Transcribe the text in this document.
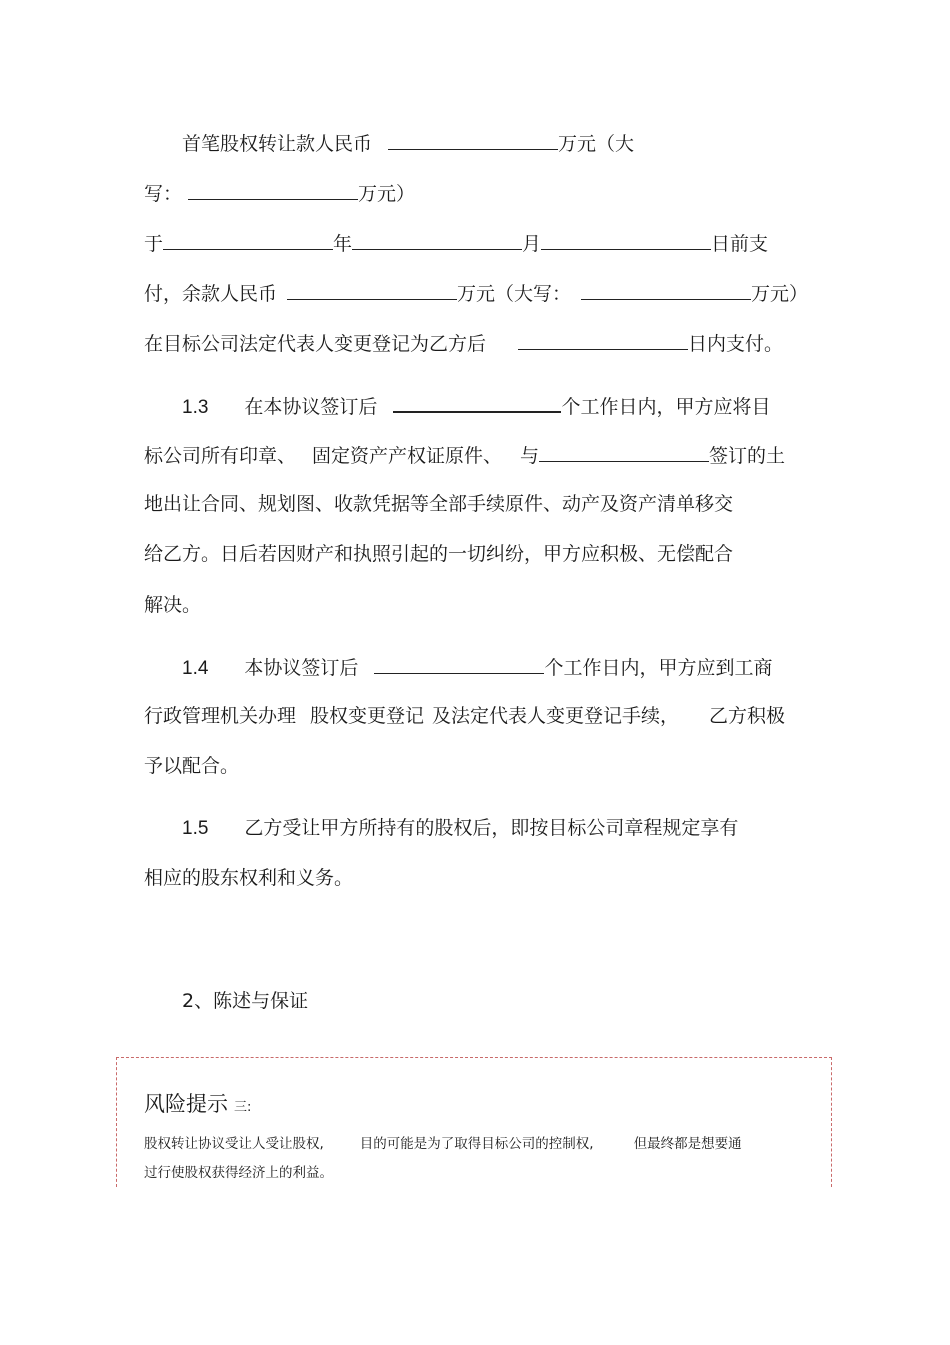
首笔股权转让款人民币	万元（大
写：	万元）
于	年	月	日前支
付，余款人民币	万元（大写：	万元）
在目标公司法定代表人变更登记为乙方后	日内支付。
1.3 在本协议签订后	个工作日内，甲方应将目
标公司所有印章、 固定资产产权证原件、 与	签订的土
地出让合同、规划图、收款凭据等全部手续原件、动产及资产清单移交
给乙方。日后若因财产和执照引起的一切纠纷，甲方应积极、无偿配合
解决。
1.4 本协议签订后	个工作日内，甲方应到工商
行政管理机关办理 股权变更登记 及法定代表人变更登记手续， 乙方积极
予以配合。
1.5 乙方受让甲方所持有的股权后，即按目标公司章程规定享有
相应的股东权利和义务。
2、陈述与保证
风险提示 三:
股权转让协议受让人受让股权,	目的可能是为了取得目标公司的控制权,	但最终都是想要通
过行使股权获得经济上的利益。
